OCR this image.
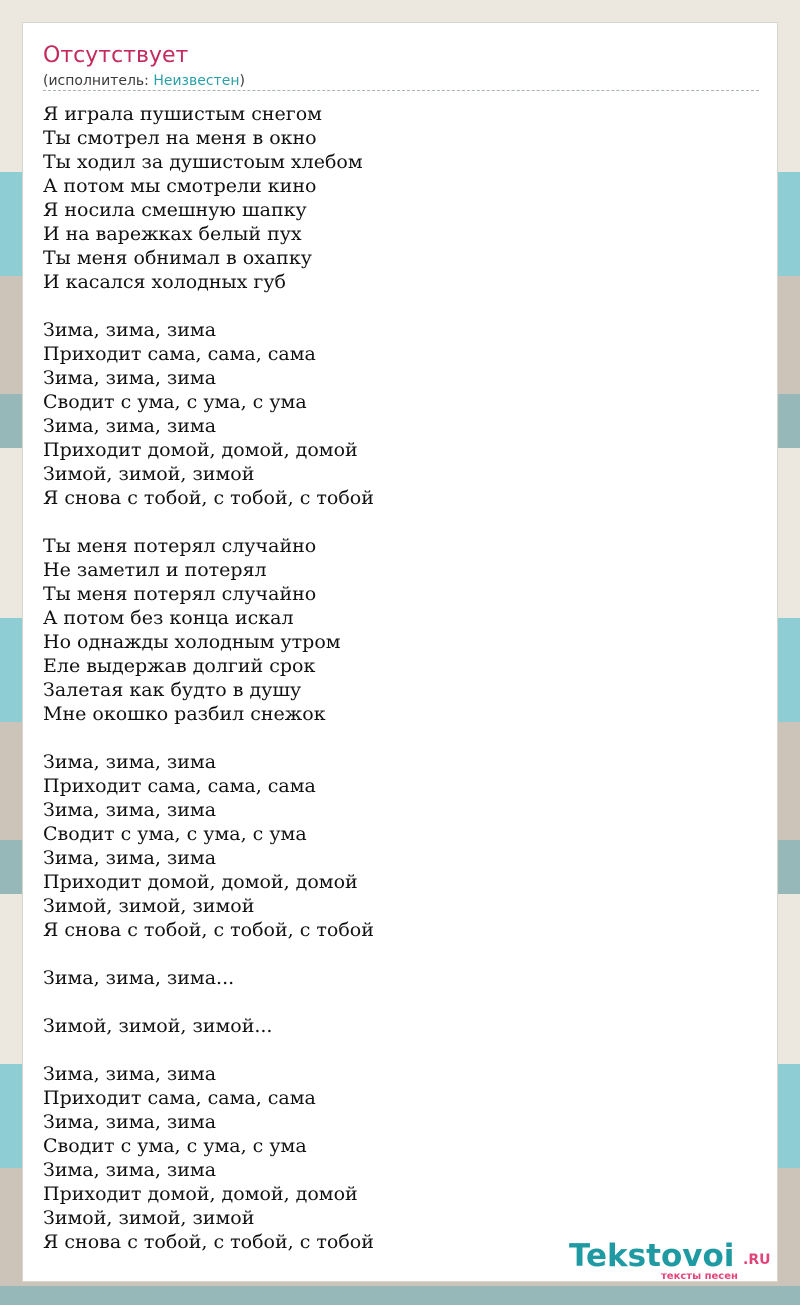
Отсутствует
(исполнитель: Неизвестен)
Я играла пушистым снегом
Ты смотрел на меня в окно
Ты ходил за душистоым хлебом
А потом мы смотрели кино
Я носила смешную шапку
И на варежках белый пух
Ты меня обнимал в охапку
И касался холодных губ
Зима, зима, зима
Приходит сама, сама, сама
Зима, зима, зима
Сводит с ума, с ума, с ума
Зима, зима, зима
Приходит домой, домой, домой
Зимой, зимой, зимой
Я снова с тобой, с тобой, с тобой
Ты меня потерял случайно
Не заметил и потерял
Ты меня потерял случайно
А потом без конца искал
Но однажды холодным утром
Еле выдержав долгий срок
Залетая как будто в душу
Мне окошко разбил снежок
Зима, зима, зима
Приходит сама, сама, сама
Зима, зима, зима
Сводит с ума, с ума, с ума
Зима, зима, зима
Приходит домой, домой, домой
Зимой, зимой, зимой
Я снова с тобой, с тобой, с тобой
Зима, зима, зима...
Зимой, зимой, зимой...
Зима, зима, зима
Приходит сама, сама, сама
Зима, зима, зима
Сводит с ума, с ума, с ума
Зима, зима, зима
Приходит домой, домой, домой
Зимой, зимой, зимой
Я снова с тобой, с тобой, с тобой	Tekstovoi .RU
тексты песен
